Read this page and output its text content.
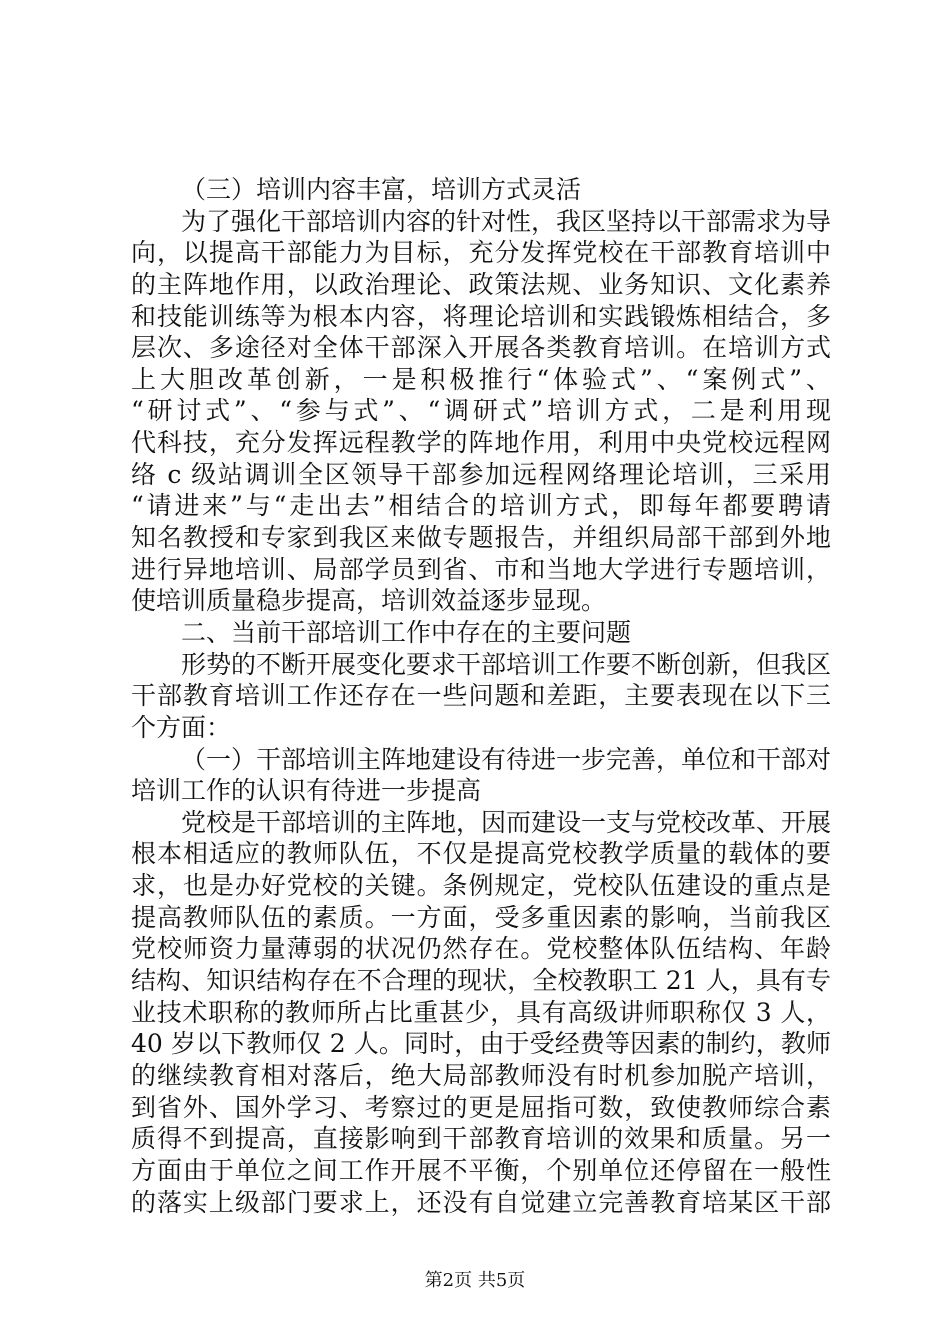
（三）培训内容丰富，培训方式灵活
为了强化干部培训内容的针对性，我区坚持以干部需求为导
向，以提高干部能力为目标，充分发挥党校在干部教育培训中
的主阵地作用，以政治理论、政策法规、业务知识、文化素养
和技能训练等为根本内容，将理论培训和实践锻炼相结合，多
层次、多途径对全体干部深入开展各类教育培训。在培训方式
上大胆改革创新，一是积极推行“体验式”、“案例式”、
“研讨式”、“参与式”、“调研式”培训方式，二是利用现
代科技，充分发挥远程教学的阵地作用，利用中央党校远程网
络 c 级站调训全区领导干部参加远程网络理论培训，三采用
“请进来”与“走出去”相结合的培训方式，即每年都要聘请
知名教授和专家到我区来做专题报告，并组织局部干部到外地
进行异地培训、局部学员到省、市和当地大学进行专题培训，
使培训质量稳步提高，培训效益逐步显现。
二、当前干部培训工作中存在的主要问题
形势的不断开展变化要求干部培训工作要不断创新，但我区
干部教育培训工作还存在一些问题和差距，主要表现在以下三
个方面：
（一）干部培训主阵地建设有待进一步完善，单位和干部对
培训工作的认识有待进一步提高
党校是干部培训的主阵地，因而建设一支与党校改革、开展
根本相适应的教师队伍，不仅是提高党校教学质量的载体的要
求，也是办好党校的关键。条例规定，党校队伍建设的重点是
提高教师队伍的素质。一方面，受多重因素的影响，当前我区
党校师资力量薄弱的状况仍然存在。党校整体队伍结构、年龄
结构、知识结构存在不合理的现状，全校教职工 21 人，具有专
业技术职称的教师所占比重甚少，具有高级讲师职称仅 3 人，
40 岁以下教师仅 2 人。同时，由于受经费等因素的制约，教师
的继续教育相对落后，绝大局部教师没有时机参加脱产培训，
到省外、国外学习、考察过的更是屈指可数，致使教师综合素
质得不到提高，直接影响到干部教育培训的效果和质量。另一
方面由于单位之间工作开展不平衡，个别单位还停留在一般性
的落实上级部门要求上，还没有自觉建立完善教育培某区干部
第2页 共5页
